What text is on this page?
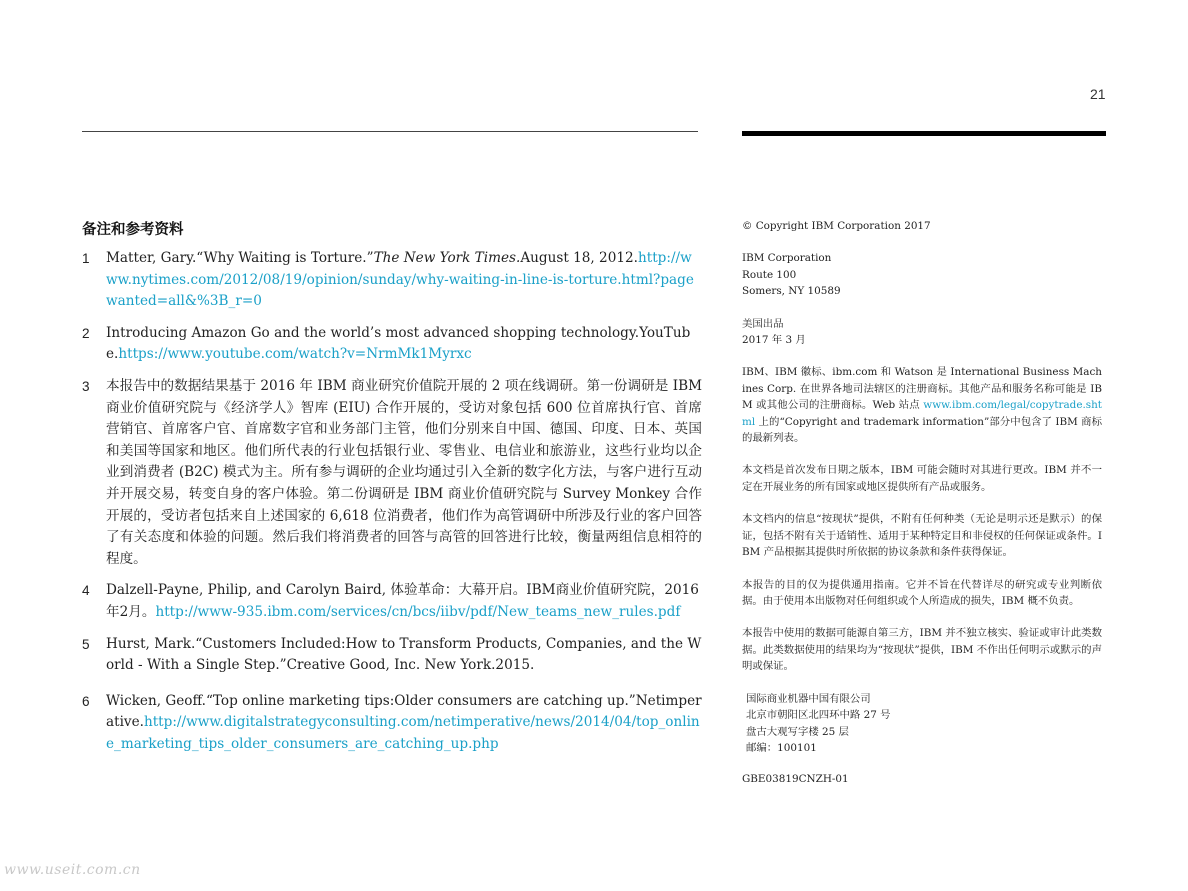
21
备注和参考资料
1	Matter, Gary.“Why Waiting is Torture.”The New York Times.August 18, 2012.http://www.nytimes.com/2012/08/19/opinion/sunday/why-waiting-in-line-is-torture.html?pagewanted=all&%3B_r=0
2	Introducing Amazon Go and the world’s most advanced shopping technology.YouTube.https://www.youtube.com/watch?v=NrmMk1Myrxc
3	本报告中的数据结果基于 2016 年 IBM 商业研究价值院开展的 2 项在线调研。第一份调研是 IBM 商业价值研究院与《经济学人》智库 (EIU) 合作开展的，受访对象包括 600 位首席执行官、首席营销官、首席客户官、首席数字官和业务部门主管，他们分别来自中国、德国、印度、日本、英国和美国等国家和地区。他们所代表的行业包括银行业、零售业、电信业和旅游业，这些行业均以企业到消费者 (B2C) 模式为主。所有参与调研的企业均通过引入全新的数字化方法，与客户进行互动并开展交易，转变自身的客户体验。第二份调研是 IBM 商业价值研究院与 Survey Monkey 合作开展的，受访者包括来自上述国家的 6,618 位消费者，他们作为高管调研中所涉及行业的客户回答了有关态度和体验的问题。然后我们将消费者的回答与高管的回答进行比较，衡量两组信息相符的程度。
4	Dalzell-Payne, Philip, and Carolyn Baird, 体验革命：大幕开启。IBM商业价值研究院，2016年2月。http://www-935.ibm.com/services/cn/bcs/iibv/pdf/New_teams_new_rules.pdf
5	Hurst, Mark.“Customers Included:How to Transform Products, Companies, and the World - With a Single Step.”Creative Good, Inc. New York.2015.
6	Wicken, Geoff.“Top online marketing tips:Older consumers are catching up.”Netimperative.http://www.digitalstrategyconsulting.com/netimperative/news/2014/04/top_online_marketing_tips_older_consumers_are_catching_up.php

© Copyright IBM Corporation 2017

IBM Corporation
Route 100
Somers, NY 10589

美国出品
2017 年 3 月

IBM、IBM 徽标、ibm.com 和 Watson 是 International Business Machines Corp. 在世界各地司法辖区的注册商标。其他产品和服务名称可能是 IBM 或其他公司的注册商标。Web 站点 www.ibm.com/legal/copytrade.shtml 上的“Copyright and trademark information”部分中包含了 IBM 商标的最新列表。

本文档是首次发布日期之版本，IBM 可能会随时对其进行更改。IBM 并不一定在开展业务的所有国家或地区提供所有产品或服务。

本文档内的信息“按现状”提供，不附有任何种类（无论是明示还是默示）的保证，包括不附有关于适销性、适用于某种特定目和非侵权的任何保证或条件。IBM 产品根据其提供时所依据的协议条款和条件获得保证。

本报告的目的仅为提供通用指南。它并不旨在代替详尽的研究或专业判断依据。由于使用本出版物对任何组织或个人所造成的损失，IBM 概不负责。

本报告中使用的数据可能源自第三方，IBM 并不独立核实、验证或审计此类数据。此类数据使用的结果均为“按现状”提供，IBM 不作出任何明示或默示的声明或保证。

国际商业机器中国有限公司
北京市朝阳区北四环中路 27 号
盘古大观写字楼 25 层
邮编：100101

GBE03819CNZH-01

www.useit.com.cn
